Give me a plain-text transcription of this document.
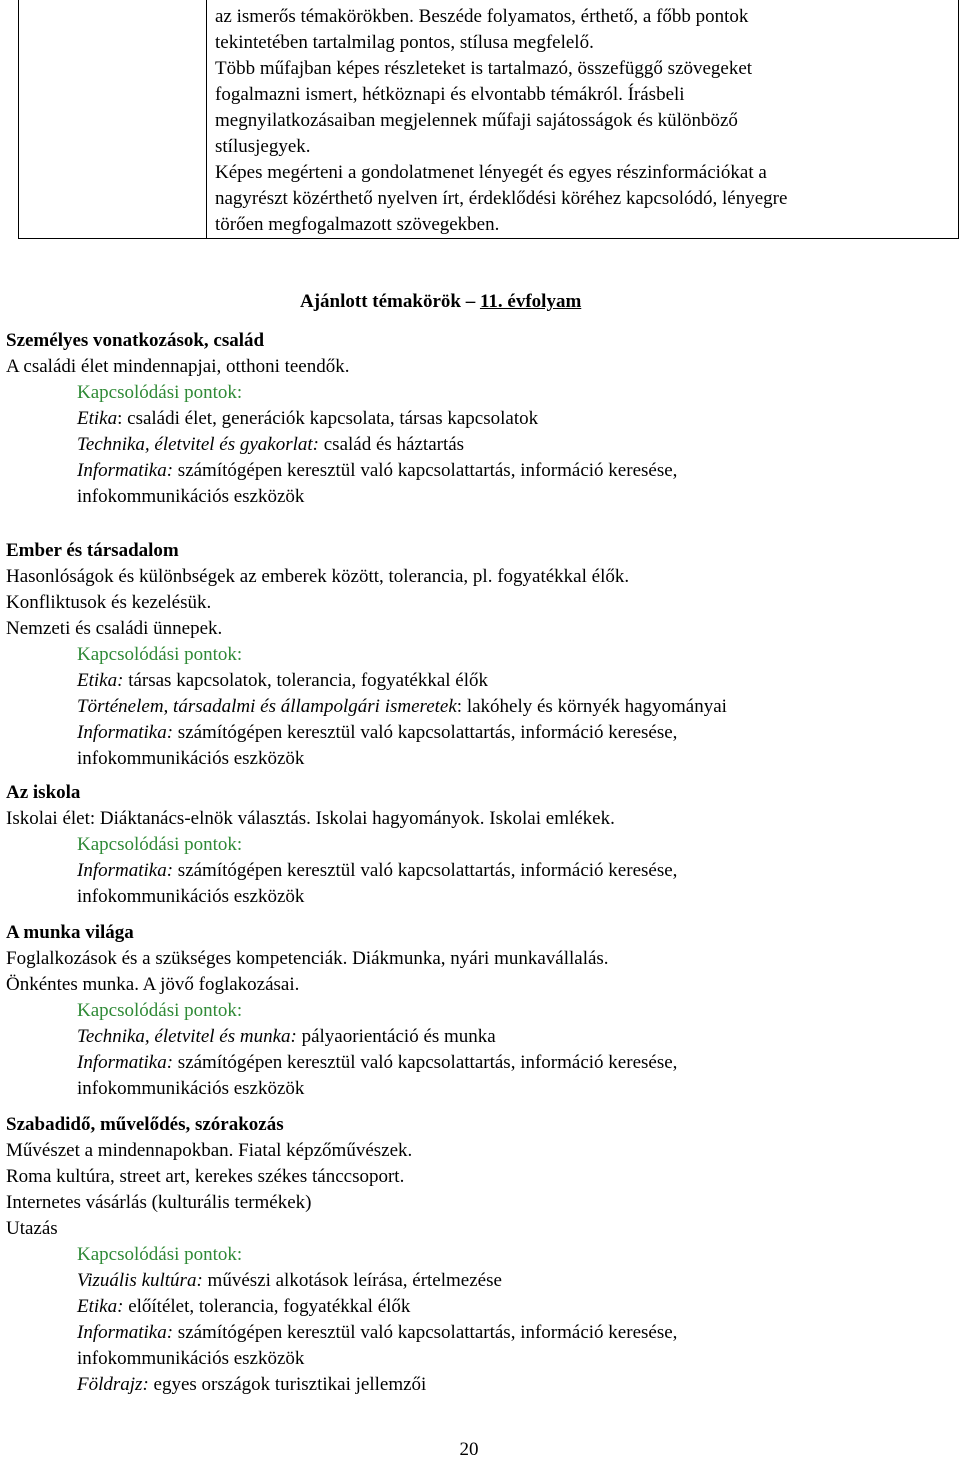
az ismerős témakörökben. Beszéde folyamatos, érthető, a főbb pontok
tekintetében tartalmilag pontos, stílusa megfelelő.
Több műfajban képes részleteket is tartalmazó, összefüggő szövegeket
fogalmazni ismert, hétköznapi és elvontabb témákról. Írásbeli
megnyilatkozásaiban megjelennek műfaji sajátosságok és különböző
stílusjegyek.
Képes megérteni a gondolatmenet lényegét és egyes részinformációkat a
nagyrészt közérthető nyelven írt, érdeklődési köréhez kapcsolódó, lényegre
törően megfogalmazott szövegekben.
Ajánlott témakörök – 11. évfolyam
Személyes vonatkozások, család
A családi élet mindennapjai, otthoni teendők.
Kapcsolódási pontok:
Etika: családi élet, generációk kapcsolata, társas kapcsolatok
Technika, életvitel és gyakorlat: család és háztartás
Informatika: számítógépen keresztül való kapcsolattartás, információ keresése,
infokommunikációs eszközök
Ember és társadalom
Hasonlóságok és különbségek az emberek között, tolerancia, pl. fogyatékkal élők.
Konfliktusok és kezelésük.
Nemzeti és családi ünnepek.
Kapcsolódási pontok:
Etika: társas kapcsolatok, tolerancia, fogyatékkal élők
Történelem, társadalmi és állampolgári ismeretek: lakóhely és környék hagyományai
Informatika: számítógépen keresztül való kapcsolattartás, információ keresése,
infokommunikációs eszközök
Az iskola
Iskolai élet: Diáktanács-elnök választás. Iskolai hagyományok. Iskolai emlékek.
Kapcsolódási pontok:
Informatika: számítógépen keresztül való kapcsolattartás, információ keresése,
infokommunikációs eszközök
A munka világa
Foglalkozások és a szükséges kompetenciák. Diákmunka, nyári munkavállalás.
Önkéntes munka. A jövő foglakozásai.
Kapcsolódási pontok:
Technika, életvitel és munka: pályaorientáció és munka
Informatika: számítógépen keresztül való kapcsolattartás, információ keresése,
infokommunikációs eszközök
Szabadidő, művelődés, szórakozás
Művészet a mindennapokban. Fiatal képzőművészek.
Roma kultúra, street art, kerekes székes tánccsoport.
Internetes vásárlás (kulturális termékek)
Utazás
Kapcsolódási pontok:
Vizuális kultúra: művészi alkotások leírása, értelmezése
Etika: előítélet, tolerancia, fogyatékkal élők
Informatika: számítógépen keresztül való kapcsolattartás, információ keresése,
infokommunikációs eszközök
Földrajz: egyes országok turisztikai jellemzői
20
